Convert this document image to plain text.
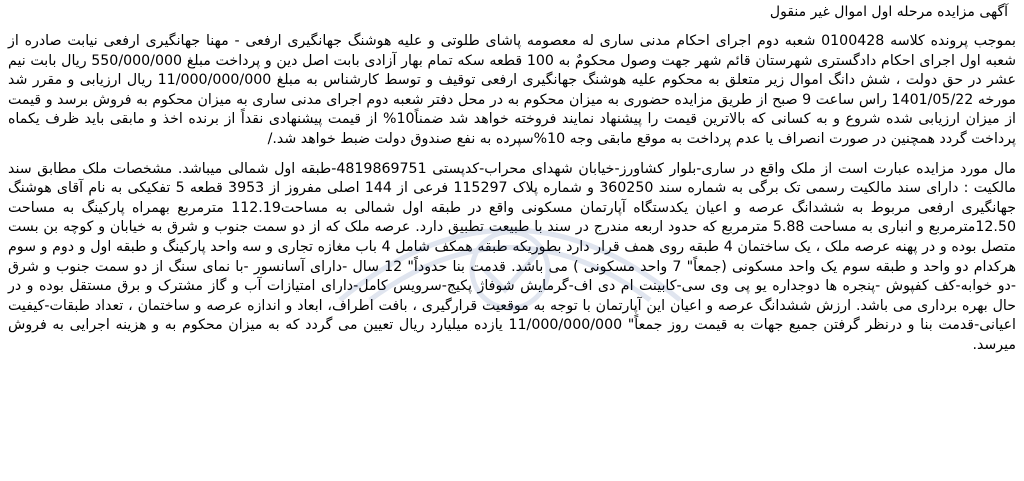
آگهی مزایده مرحله اول اموال غیر منقول

بموجب پرونده کلاسه 0100428 شعبه دوم اجرای احکام مدنی ساری له معصومه پاشای طلوتی و علیه هوشنگ جهانگیری ارفعی - مهنا جهانگیری ارفعی نیابت صادره از شعبه اول اجرای احکام دادگستری شهرستان قائم شهر جهت وصول محکومٌ به 100 قطعه سکه تمام بهار آزادی بابت اصل دین و پرداخت مبلغ 550/000/000 ریال بابت نیم عشر در حق دولت ، شش دانگ اموال زیر متعلق به محکوم علیه هوشنگ جهانگیری ارفعی توقیف و توسط کارشناس به مبلغ 11/000/000/000 ریال ارزیابی و مقرر شد مورخه 1401/05/22 راس ساعت 9 صبح از طریق مزایده حضوری به میزان محکوم به در محل دفتر شعبه دوم اجرای مدنی ساری به میزان محکوم به فروش برسد و قیمت از میزان ارزیابی شده شروع و به کسانی که بالاترین قیمت را پیشنهاد نمایند فروخته خواهد شد ضمناً10% از قیمت پیشنهادی نقداً از برنده اخذ و مابقی باید ظرف یکماه پرداخت گردد همچنین در صورت انصراف یا عدم پرداخت به موقع مابقی وجه 10%سپرده به نفع صندوق دولت ضبط خواهد شد./

مال مورد مزایده عبارت است از ملک واقع در ساری-بلوار کشاورز-خیابان شهدای محراب-کدپستی 4819869751-طبقه اول شمالی میباشد. مشخصات ملک مطابق سند مالکیت : دارای سند مالکیت رسمی تک برگی به شماره سند 360250 و شماره پلاک 115297 فرعی از 144 اصلی مفروز از 3953 قطعه 5 تفکیکی به نام آقای هوشنگ جهانگیری ارفعی مربوط به ششدانگ عرصه و اعیان یکدستگاه آپارتمان مسکونی واقع در طبقه اول شمالی به مساحت112.19 مترمربع بهمراه پارکینگ به مساحت 12.50مترمربع و انباری به مساحت 5.88 مترمربع که حدود اربعه مندرج در سند با طبیعت تطبیق دارد. عرصه ملک که از دو سمت جنوب و شرق به خیابان و کوچه بن بست متصل بوده و در پهنه عرصه ملک ، یک ساختمان 4 طبقه روی همف قرار دارد بطوریکه طبقه همکف شامل 4 باب مغازه تجاری و سه واحد پارکینگ و طبقه اول و دوم و سوم هرکدام دو واحد و طبقه سوم یک واحد مسکونی (جمعاً" 7 واحد مسکونی ) می باشد. قدمت بنا حدوداً" 12 سال -دارای آسانسور -با نمای سنگ از دو سمت جنوب و شرق -دو خوابه-کف کفپوش -پنجره ها دوجداره یو پی وی سی-کابینت ام دی اف-گرمایش شوفاژ پکیج-سرویس کامل-دارای امتیازات آب و گاز مشترک و برق مستقل بوده و در حال بهره برداری می باشد. ارزش ششدانگ عرصه و اعیان این آپارتمان با توجه به موقعیت قرارگیری ، بافت اطراف، ابعاد و اندازه عرصه و ساختمان ، تعداد طبقات-کیفیت اعیانی-قدمت بنا و درنظر گرفتن جمیع جهات به قیمت روز جمعاً" 11/000/000/000 یازده میلیارد ریال تعیین می گردد که به میزان محکوم به و هزینه اجرایی به فروش میرسد.
